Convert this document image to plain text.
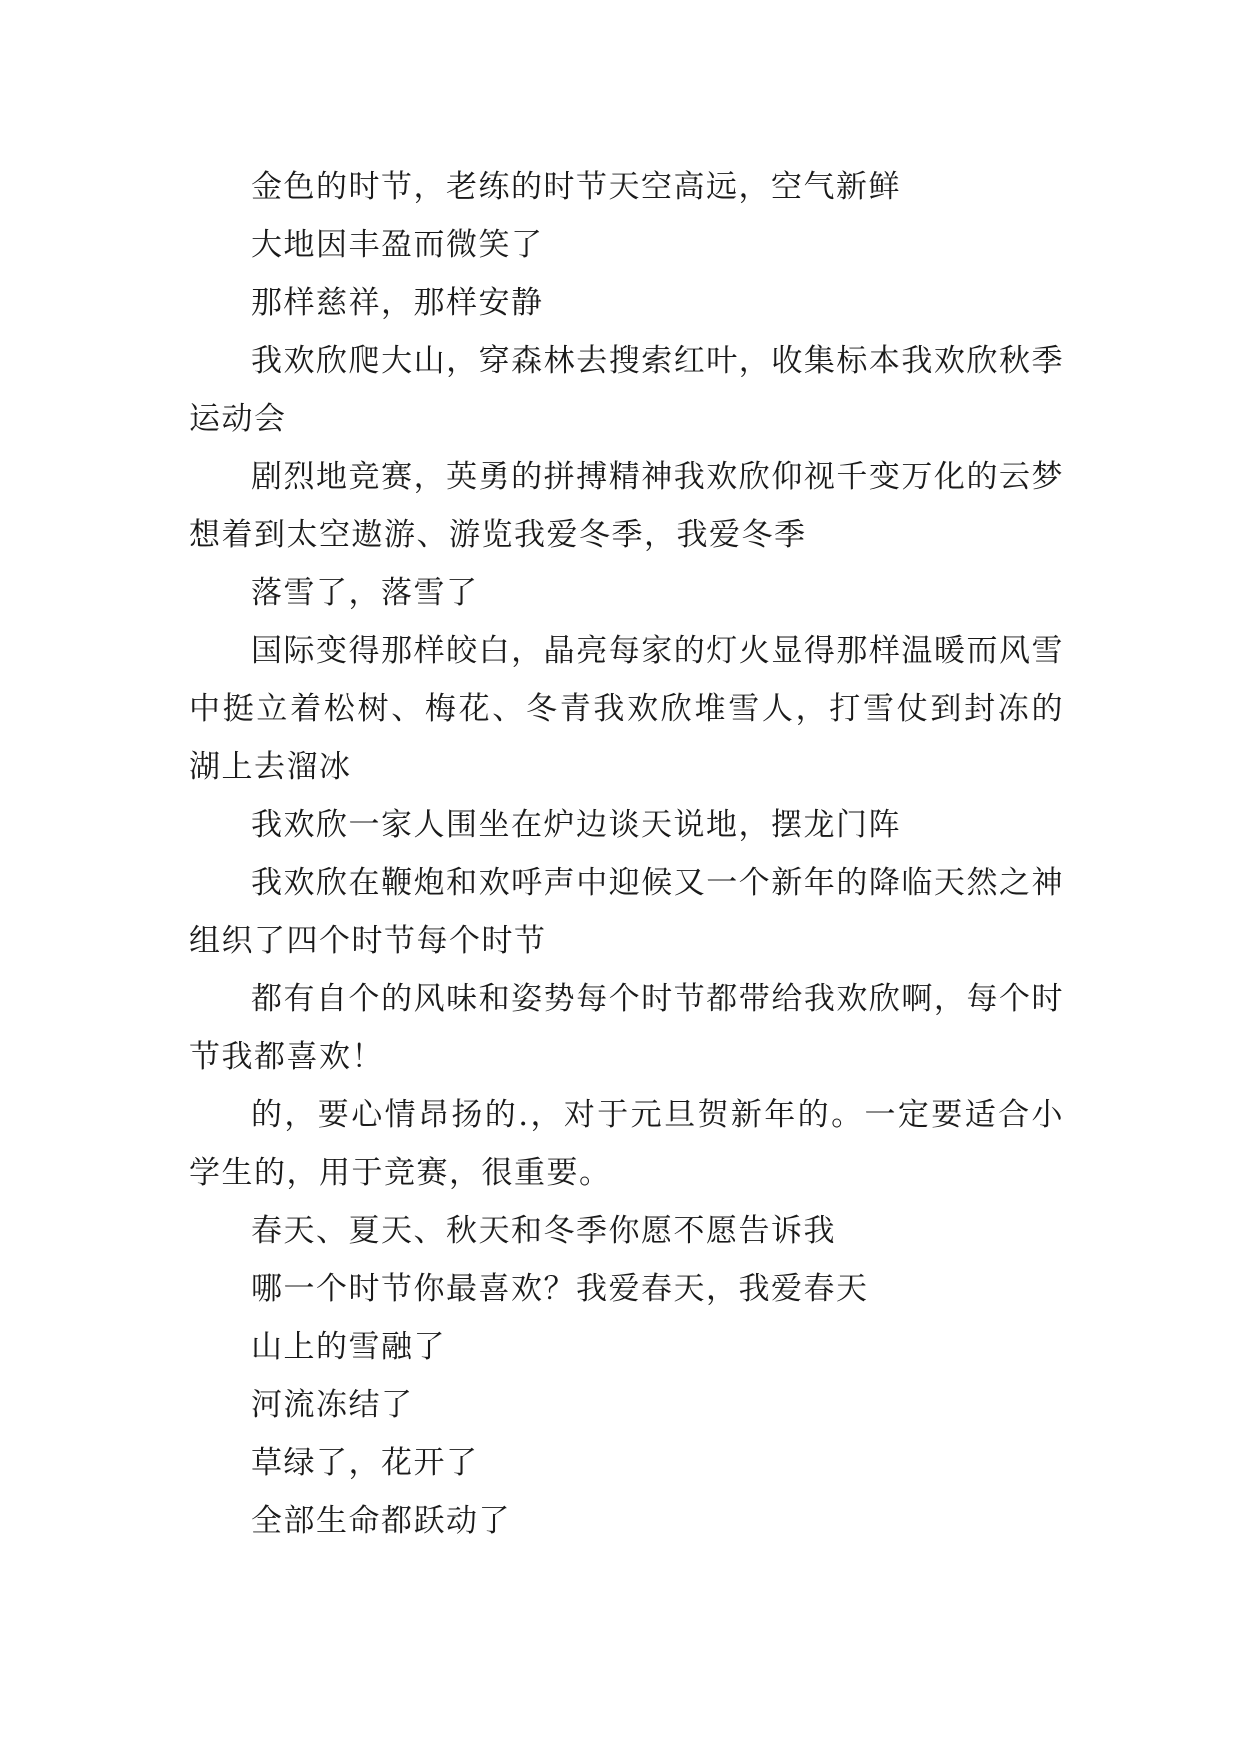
金色的时节，老练的时节天空高远，空气新鲜

大地因丰盈而微笑了

那样慈祥，那样安静

我欢欣爬大山，穿森林去搜索红叶，收集标本我欢欣秋季运动会

剧烈地竞赛，英勇的拼搏精神我欢欣仰视千变万化的云梦想着到太空遨游、游览我爱冬季，我爱冬季

落雪了，落雪了

国际变得那样皎白，晶亮每家的灯火显得那样温暖而风雪中挺立着松树、梅花、冬青我欢欣堆雪人，打雪仗到封冻的湖上去溜冰

我欢欣一家人围坐在炉边谈天说地，摆龙门阵

我欢欣在鞭炮和欢呼声中迎候又一个新年的降临天然之神组织了四个时节每个时节

都有自个的风味和姿势每个时节都带给我欢欣啊，每个时节我都喜欢！

的，要心情昂扬的.，对于元旦贺新年的。一定要适合小学生的，用于竞赛，很重要。

春天、夏天、秋天和冬季你愿不愿告诉我

哪一个时节你最喜欢？我爱春天，我爱春天

山上的雪融了

河流冻结了

草绿了，花开了

全部生命都跃动了
